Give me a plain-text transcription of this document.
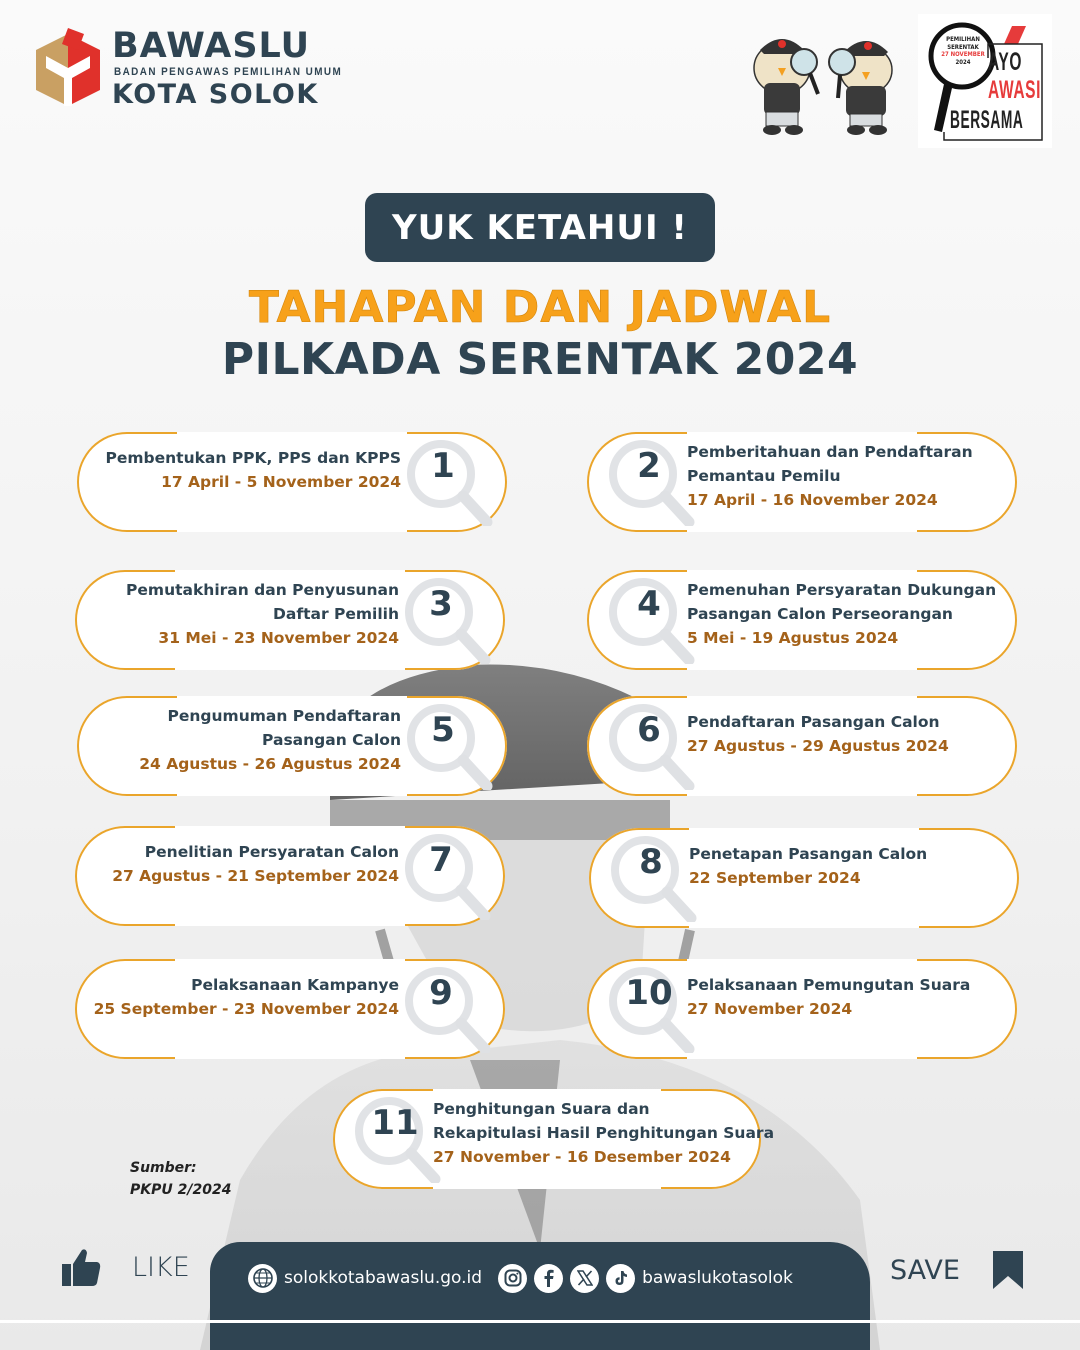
BAWASLU
BADAN PENGAWAS PEMILIHAN UMUM
KOTA SOLOK
PEMILIHAN
SERENTAK
27 NOVEMBER
2024 AYO
AWASI
BERSAMA
YUK KETAHUI !
TAHAPAN DAN JADWAL
PILKADA SERENTAK 2024
1
Pembentukan PPK, PPS dan KPPS
17 April - 5 November 2024	2	Pemberitahuan dan Pendaftaran
Pemantau Pemilu
17 April - 16 November 2024
3
Pemutakhiran dan Penyusunan
Daftar Pemilih
31 Mei - 23 November 2024
4	Pemenuhan Persyaratan Dukungan
Pasangan Calon Perseorangan
5 Mei - 19 Agustus 2024
5
Pengumuman Pendaftaran
Pasangan Calon
24 Agustus - 26 Agustus 2024
6	Pendaftaran Pasangan Calon
27 Agustus - 29 Agustus 2024
7
Penelitian Persyaratan Calon
27 Agustus - 21 September 2024	8	Penetapan Pasangan Calon
22 September 2024
9
Pelaksanaan Kampanye
25 September - 23 November 2024	10 Pelaksanaan Pemungutan Suara
27 November 2024
11 Penghitungan Suara dan
Rekapitulasi Hasil Penghitungan Suara
27 November - 16 Desember 2024
Sumber:
PKPU 2/2024
LIKE	solokkotabawaslu.go.id	bawaslukotasolok	SAVE
